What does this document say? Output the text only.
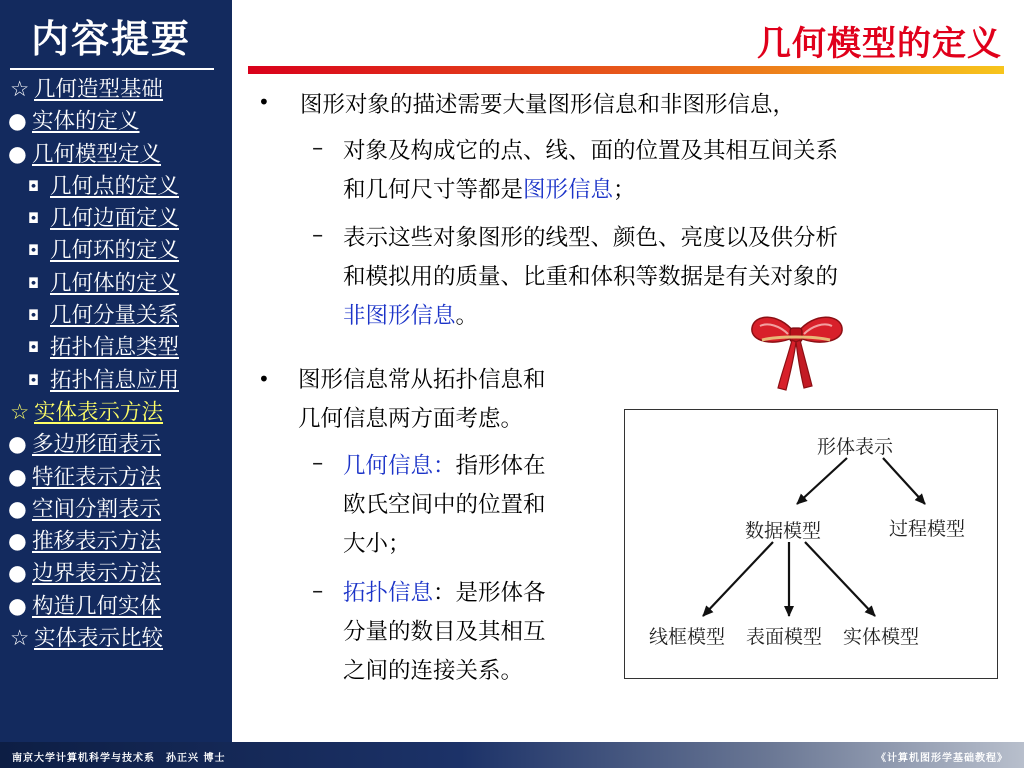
内容提要
☆ 几何造型基础
● 实体的定义
● 几何模型定义
◘ 几何点的定义
◘ 几何边面定义
◘ 几何环的定义
◘ 几何体的定义
◘ 几何分量关系
◘ 拓扑信息类型
◘ 拓扑信息应用
☆ 实体表示方法
● 多边形面表示
● 特征表示方法
● 空间分割表示
● 推移表示方法
● 边界表示方法
● 构造几何实体
☆ 实体表示比较
几何模型的定义
• 图形对象的描述需要大量图形信息和非图形信息，
– 对象及构成它的点、线、面的位置及其相互间关系
和几何尺寸等都是图形信息；
– 表示这些对象图形的线型、颜色、亮度以及供分析
和模拟用的质量、比重和体积等数据是有关对象的
非图形信息。
• 图形信息常从拓扑信息和
几何信息两方面考虑。
– 几何信息：指形体在
欧氏空间中的位置和
大小；
– 拓扑信息：是形体各
分量的数目及其相互
之间的连接关系。
形体表示
数据模型	过程模型
线框模型 表面模型 实体模型
南京大学计算机科学与技术系　孙正兴 博士	《计算机图形学基础教程》
